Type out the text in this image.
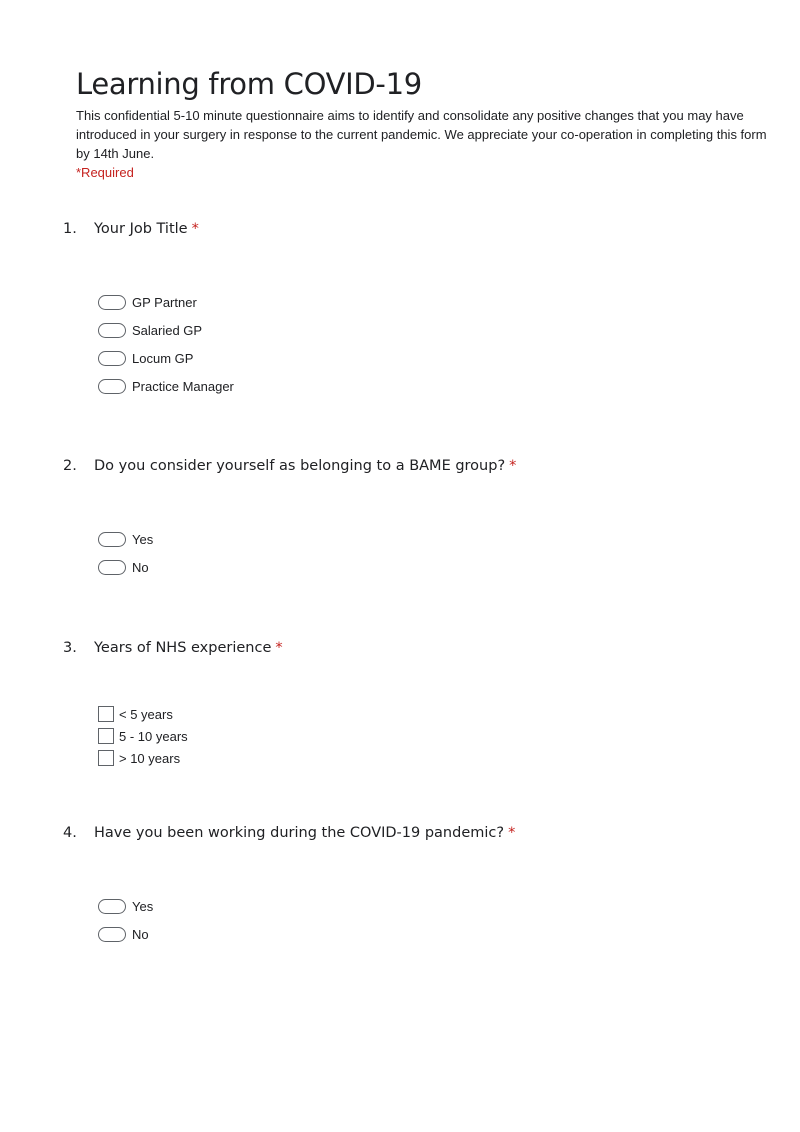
Learning from COVID-19
This confidential 5-10 minute questionnaire aims to identify and consolidate any positive changes that you may have introduced in your surgery in response to the current pandemic. We appreciate your co-operation in completing this form by 14th June.
*Required
1.	Your Job Title *
GP Partner
Salaried GP
Locum GP
Practice Manager
2.	Do you consider yourself as belonging to a BAME group? *
Yes
No
3.	Years of NHS experience *
< 5 years
5 - 10 years
> 10 years
4.	Have you been working during the COVID-19 pandemic? *
Yes
No
